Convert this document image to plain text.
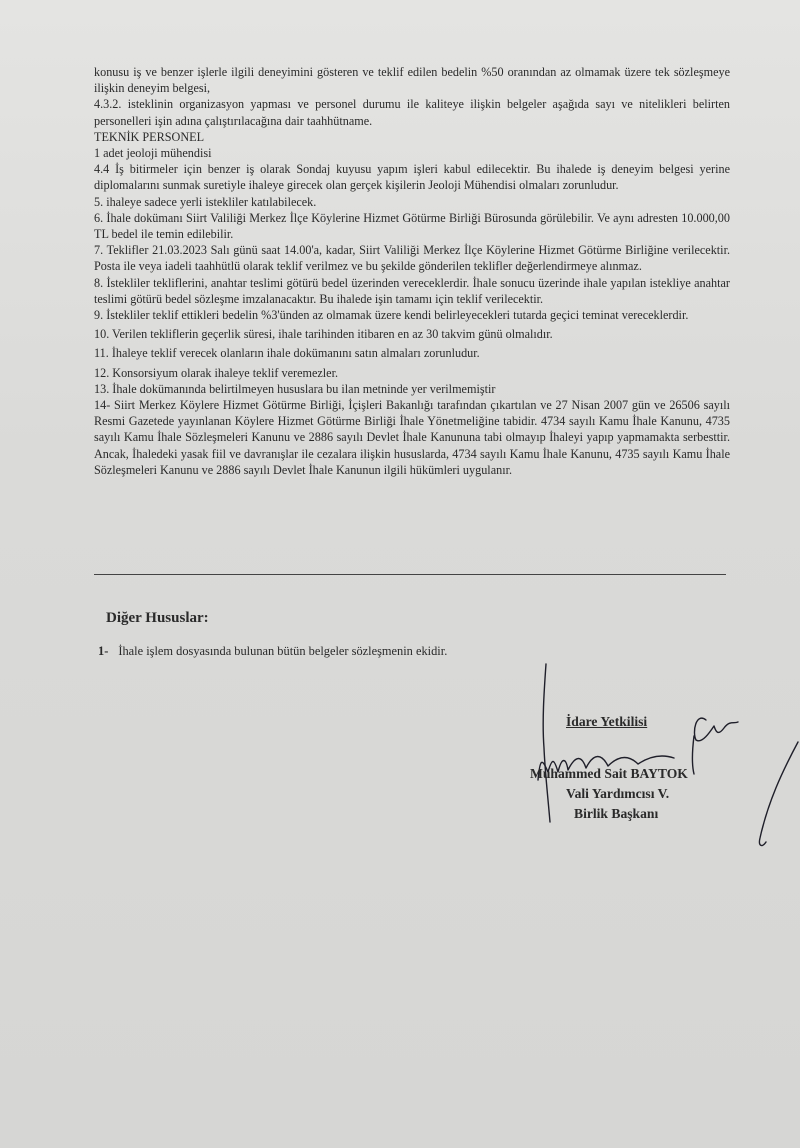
konusu iş ve benzer işlerle ilgili deneyimini gösteren ve teklif edilen bedelin %50 oranından az olmamak üzere tek sözleşmeye ilişkin deneyim belgesi,

4.3.2. isteklinin organizasyon yapması ve personel durumu ile kaliteye ilişkin belgeler aşağıda sayı ve nitelikleri belirten personelleri işin adına çalıştırılacağına dair taahhütname.

TEKNİK PERSONEL

1 adet jeoloji mühendisi

4.4 İş bitirmeler için benzer iş olarak Sondaj kuyusu yapım işleri kabul edilecektir. Bu ihalede iş deneyim belgesi yerine diplomalarını sunmak suretiyle ihaleye girecek olan gerçek kişilerin Jeoloji Mühendisi olmaları zorunludur.

5. ihaleye sadece yerli istekliler katılabilecek.

6. İhale dokümanı Siirt Valiliği Merkez İlçe Köylerine Hizmet Götürme Birliği Bürosunda görülebilir. Ve aynı adresten 10.000,00 TL bedel ile temin edilebilir.

7. Teklifler 21.03.2023 Salı günü saat 14.00'a, kadar, Siirt Valiliği Merkez İlçe Köylerine Hizmet Götürme Birliğine verilecektir. Posta ile veya iadeli taahhütlü olarak teklif verilmez ve bu şekilde gönderilen teklifler değerlendirmeye alınmaz.

8. İstekliler tekliflerini, anahtar teslimi götürü bedel üzerinden vereceklerdir. İhale sonucu üzerinde ihale yapılan istekliye anahtar teslimi götürü bedel sözleşme imzalanacaktır. Bu ihalede işin tamamı için teklif verilecektir.

9. İstekliler teklif ettikleri bedelin %3'ünden az olmamak üzere kendi belirleyecekleri tutarda geçici teminat vereceklerdir.

10. Verilen tekliflerin geçerlik süresi, ihale tarihinden itibaren en az 30 takvim günü olmalıdır.

11. İhaleye teklif verecek olanların ihale dokümanını satın almaları zorunludur.

12. Konsorsiyum olarak ihaleye teklif veremezler.

13. İhale dokümanında belirtilmeyen hususlara bu ilan metninde yer verilmemiştir

14- Siirt Merkez Köylere Hizmet Götürme Birliği, İçişleri Bakanlığı tarafından çıkartılan ve 27 Nisan 2007 gün ve 26506 sayılı Resmi Gazetede yayınlanan Köylere Hizmet Götürme Birliği İhale Yönetmeliğine tabidir. 4734 sayılı Kamu İhale Kanunu, 4735 sayılı Kamu İhale Sözleşmeleri Kanunu ve 2886 sayılı Devlet İhale Kanununa tabi olmayıp İhaleyi yapıp yapmamakta serbesttir. Ancak, İhaledeki yasak fiil ve davranışlar ile cezalara ilişkin hususlarda, 4734 sayılı Kamu İhale Kanunu, 4735 sayılı Kamu İhale Sözleşmeleri Kanunu ve 2886 sayılı Devlet İhale Kanunun ilgili hükümleri uygulanır.

Diğer Hususlar:
1- İhale işlem dosyasında bulunan bütün belgeler sözleşmenin ekidir.
İdare Yetkilisi
Muhammed Sait BAYTOK
Vali Yardımcısı V.
Birlik Başkanı
